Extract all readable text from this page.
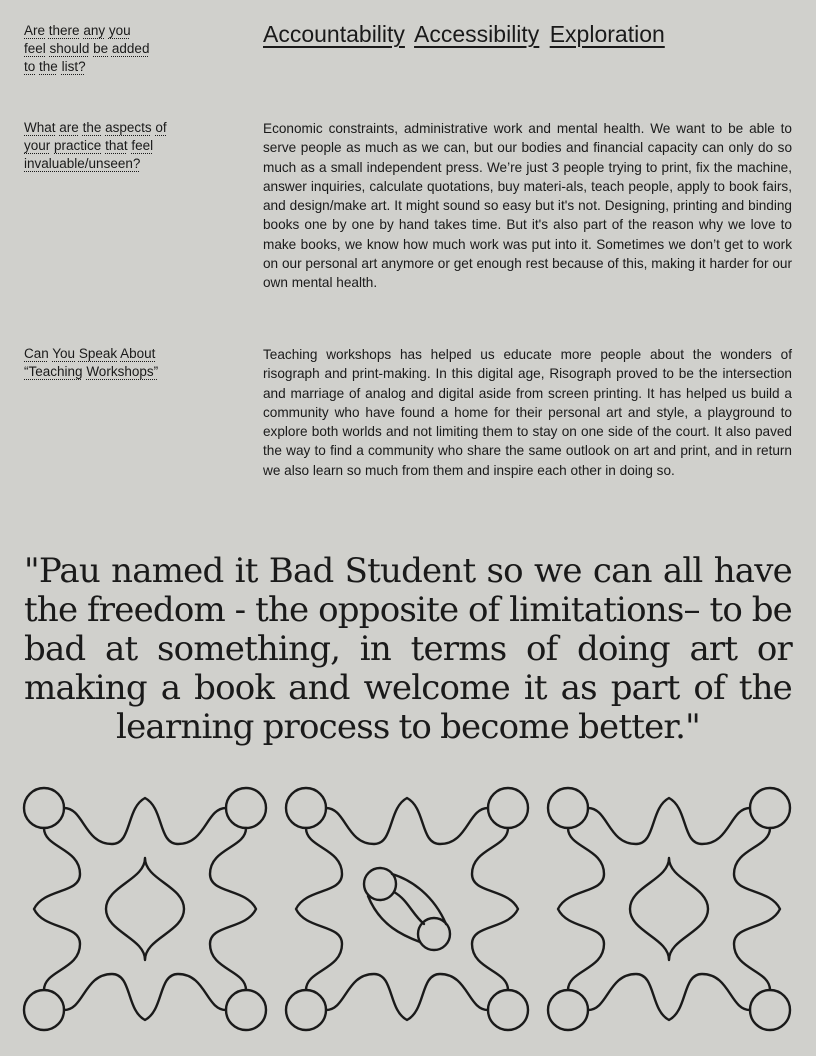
Are there any you
feel should be added
to the list?
What are the aspects of
your practice that feel
invaluable/unseen?
Can You Speak About
“Teaching Workshops”

Accountability Accessibility Exploration

Economic constraints, administrative work and mental health. We want to be able to serve people as much as we can, but our bodies and financial capacity can only do so much as a small independent press. We’re just 3 people trying to print, fix the machine, answer inquiries, calculate quotations, buy materi-als, teach people, apply to book fairs, and design/make art. It might sound so easy but it's not. Designing, printing and binding books one by one by hand takes time. But it's also part of the reason why we love to make books, we know how much work was put into it. Sometimes we don’t get to work on our personal art anymore or get enough rest because of this, making it harder for our own mental health.

Teaching workshops has helped us educate more people about the wonders of risograph and print-making. In this digital age, Risograph proved to be the intersection and marriage of analog and digital aside from screen printing. It has helped us build a community who have found a home for their personal art and style, a playground to explore both worlds and not limiting them to stay on one side of the court. It also paved the way to find a community who share the same outlook on art and print, and in return we also learn so much from them and inspire each other in doing so.

"Pau named it Bad Student so we can all have the freedom - the opposite of limitations– to be bad at something, in terms of doing art or making a book and welcome it as part of the learning process to become better."
